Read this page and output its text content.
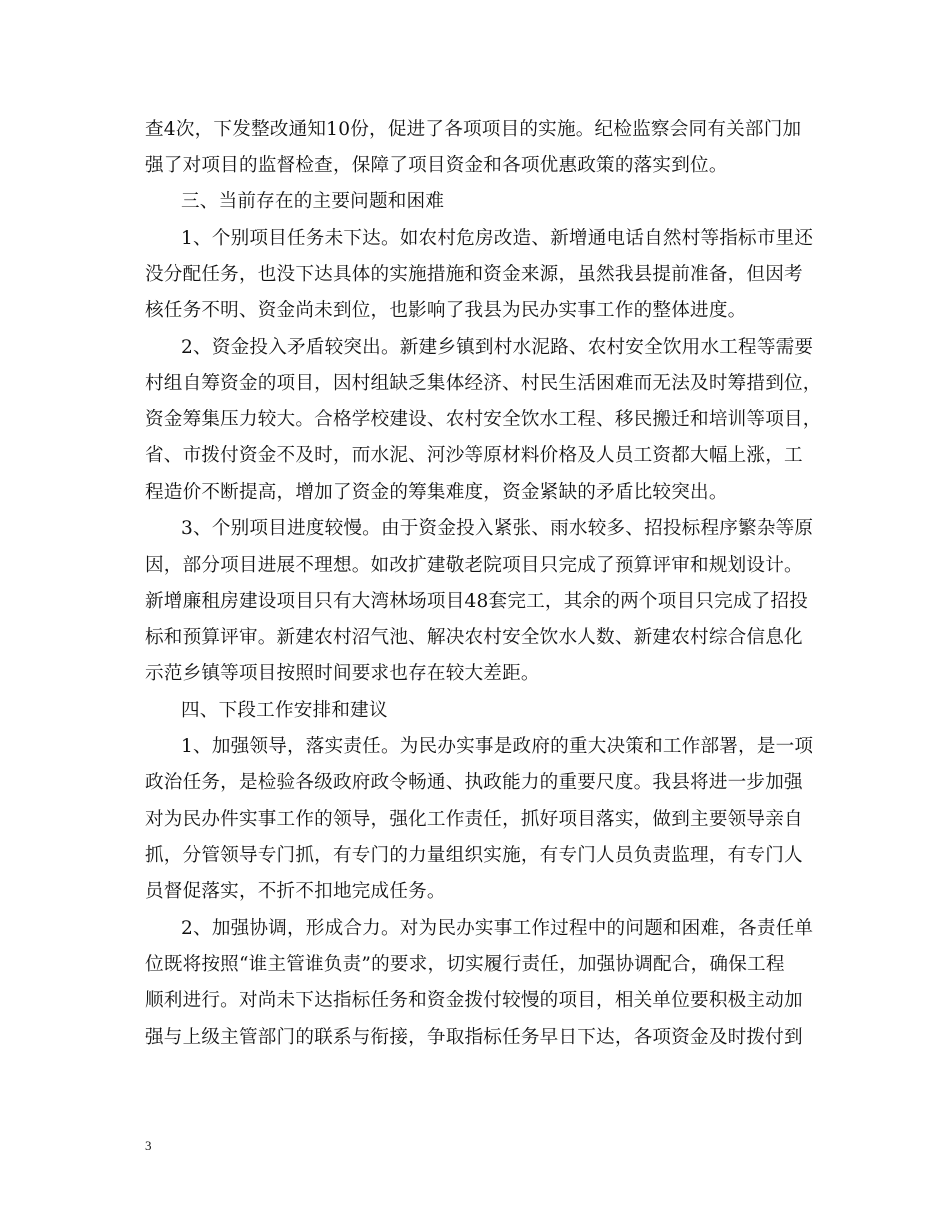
查4次，下发整改通知10份，促进了各项项目的实施。纪检监察会同有关部门加
强了对项目的监督检查，保障了项目资金和各项优惠政策的落实到位。
三、当前存在的主要问题和困难
1、个别项目任务未下达。如农村危房改造、新增通电话自然村等指标市里还
没分配任务，也没下达具体的实施措施和资金来源，虽然我县提前准备，但因考
核任务不明、资金尚未到位，也影响了我县为民办实事工作的整体进度。
2、资金投入矛盾较突出。新建乡镇到村水泥路、农村安全饮用水工程等需要
村组自筹资金的项目，因村组缺乏集体经济、村民生活困难而无法及时筹措到位，
资金筹集压力较大。合格学校建设、农村安全饮水工程、移民搬迁和培训等项目，
省、市拨付资金不及时，而水泥、河沙等原材料价格及人员工资都大幅上涨，工
程造价不断提高，增加了资金的筹集难度，资金紧缺的矛盾比较突出。
3、个别项目进度较慢。由于资金投入紧张、雨水较多、招投标程序繁杂等原
因，部分项目进展不理想。如改扩建敬老院项目只完成了预算评审和规划设计。
新增廉租房建设项目只有大湾林场项目48套完工，其余的两个项目只完成了招投
标和预算评审。新建农村沼气池、解决农村安全饮水人数、新建农村综合信息化
示范乡镇等项目按照时间要求也存在较大差距。
四、下段工作安排和建议
1、加强领导，落实责任。为民办实事是政府的重大决策和工作部署，是一项
政治任务，是检验各级政府政令畅通、执政能力的重要尺度。我县将进一步加强
对为民办件实事工作的领导，强化工作责任，抓好项目落实，做到主要领导亲自
抓，分管领导专门抓，有专门的力量组织实施，有专门人员负责监理，有专门人
员督促落实，不折不扣地完成任务。
2、加强协调，形成合力。对为民办实事工作过程中的问题和困难，各责任单
位既将按照“谁主管谁负责”的要求，切实履行责任，加强协调配合，确保工程
顺利进行。对尚未下达指标任务和资金拨付较慢的项目，相关单位要积极主动加
强与上级主管部门的联系与衔接，争取指标任务早日下达，各项资金及时拨付到
3
